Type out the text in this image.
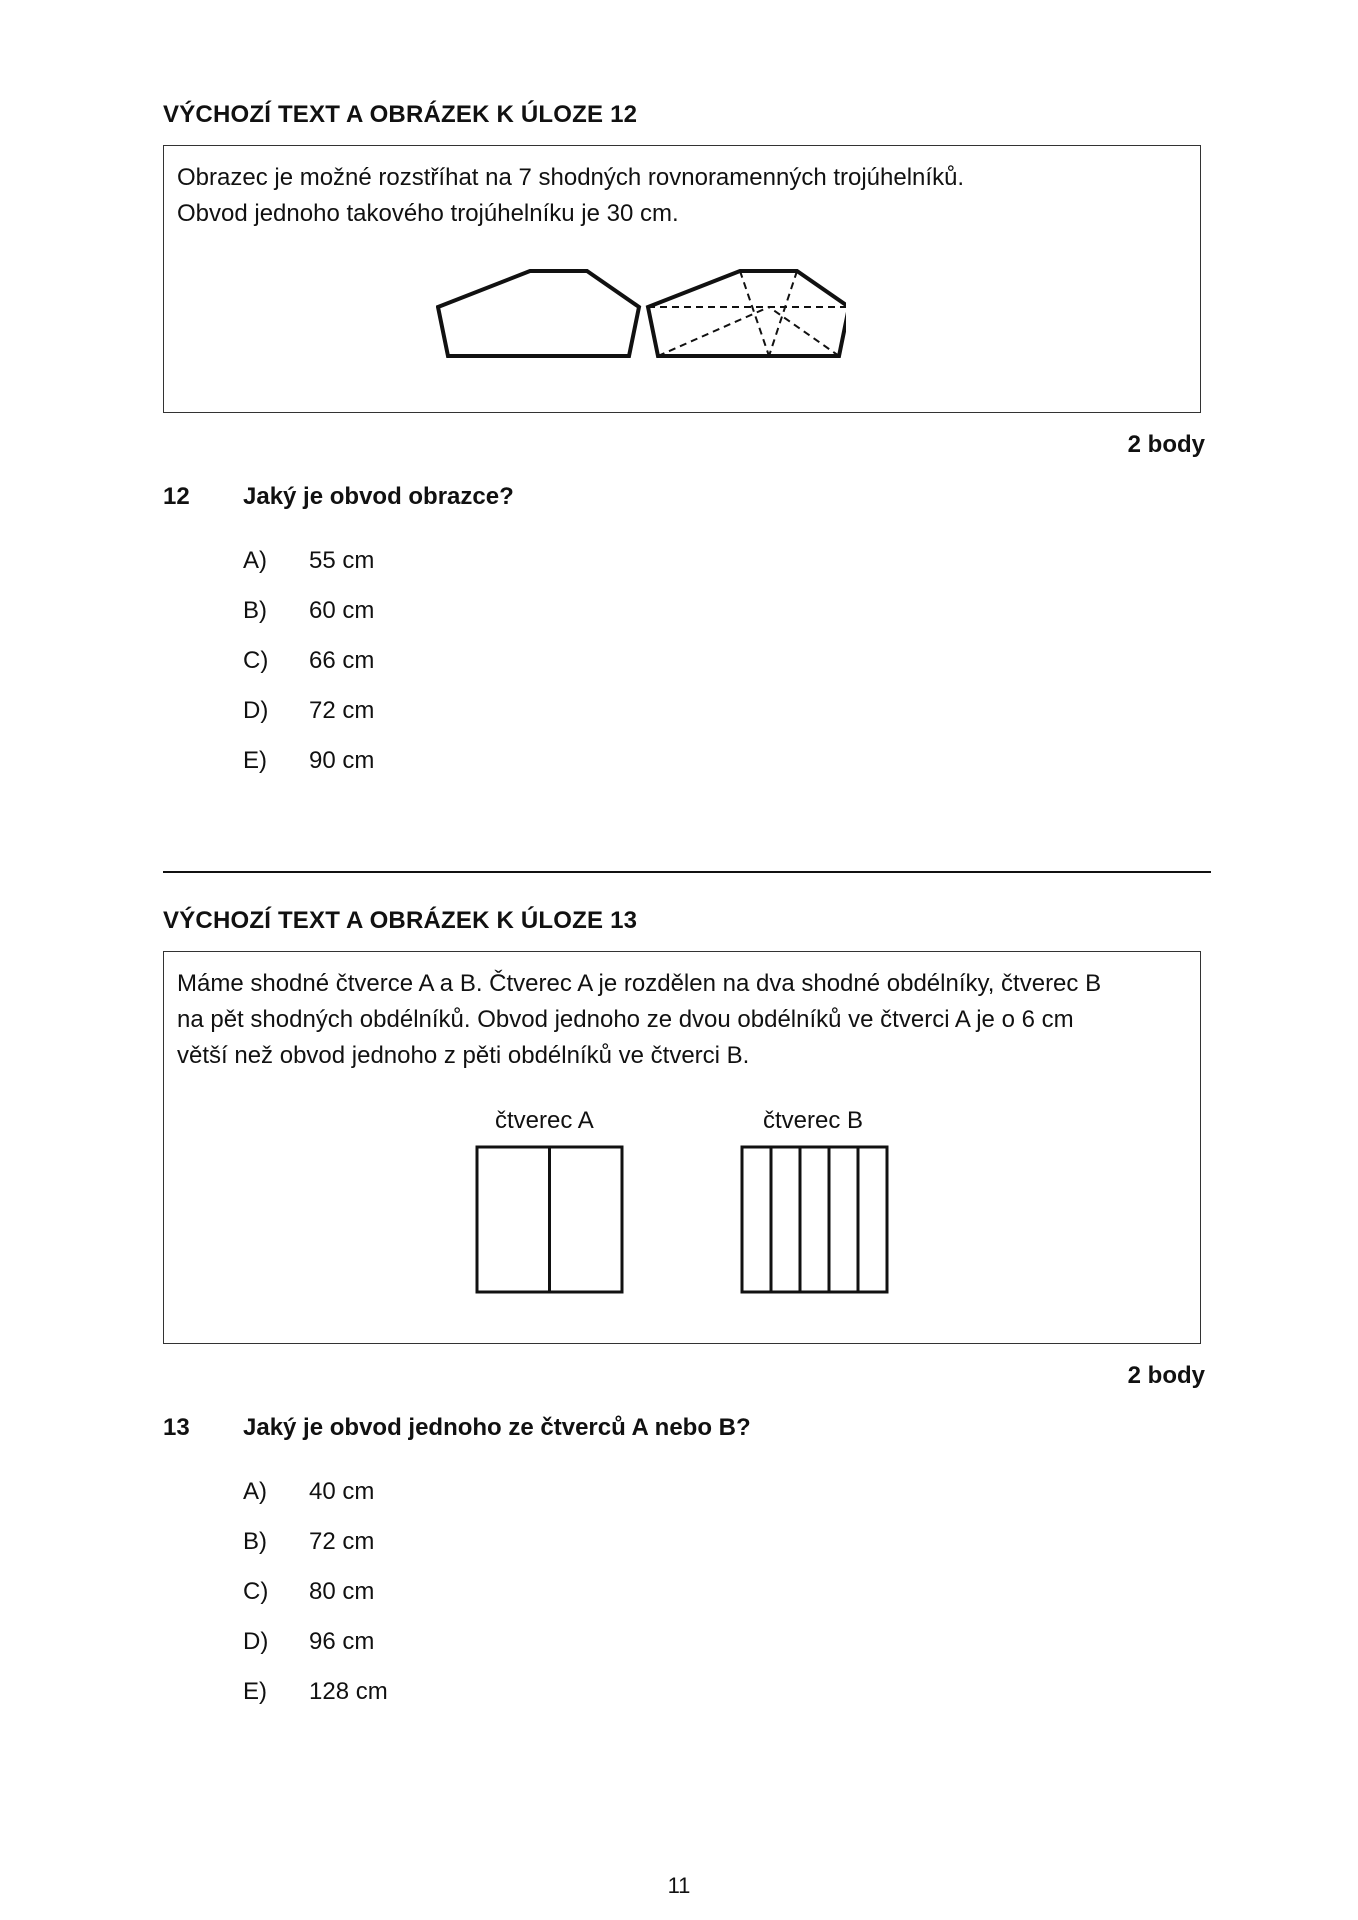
VÝCHOZÍ TEXT A OBRÁZEK K ÚLOZE 12
Obrazec je možné rozstříhat na 7 shodných rovnoramenných trojúhelníků.
Obvod jednoho takového trojúhelníku je 30 cm.
2 body
12 Jaký je obvod obrazce?
A)	55 cm
B)	60 cm
C)	66 cm
D)	72 cm
E)	90 cm
VÝCHOZÍ TEXT A OBRÁZEK K ÚLOZE 13
Máme shodné čtverce A a B. Čtverec A je rozdělen na dva shodné obdélníky, čtverec B
na pět shodných obdélníků. Obvod jednoho ze dvou obdélníků ve čtverci A je o 6 cm
větší než obvod jednoho z pěti obdélníků ve čtverci B.
čtverec A	čtverec B
2 body
13 Jaký je obvod jednoho ze čtverců A nebo B?
A)	40 cm
B)	72 cm
C)	80 cm
D)	96 cm
E)	128 cm
11
